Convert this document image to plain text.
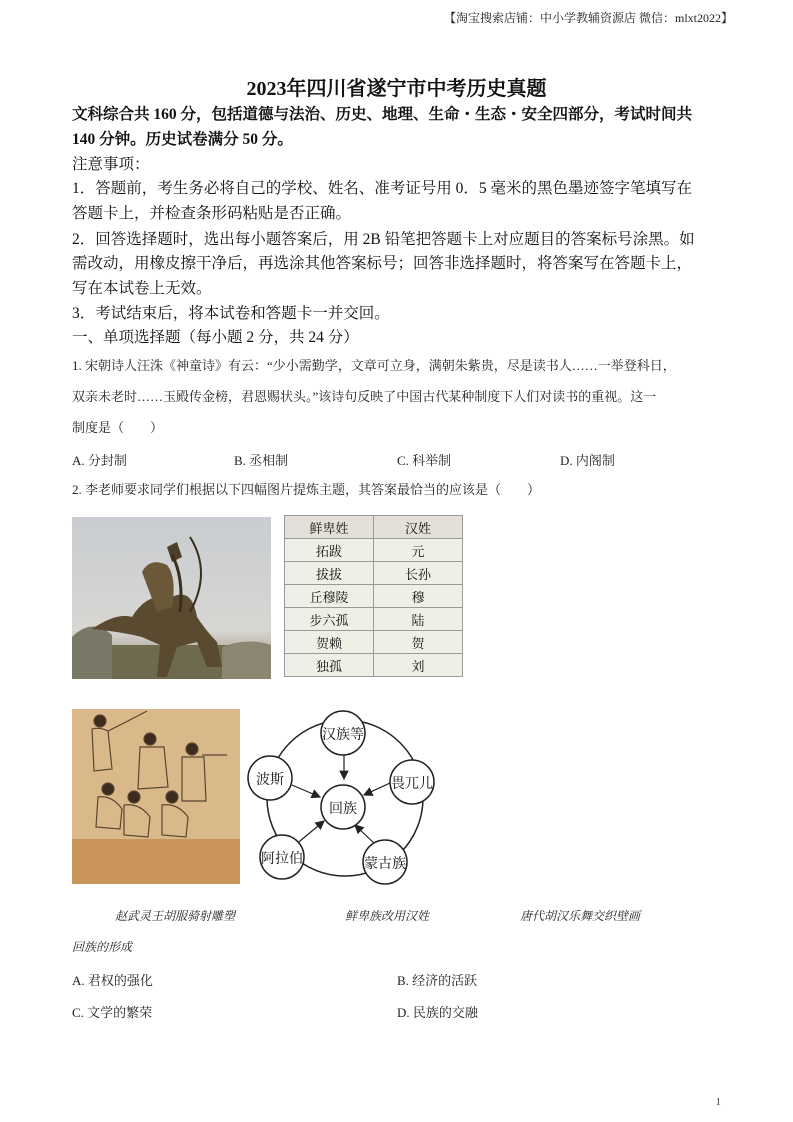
【淘宝搜索店铺：中小学教辅资源店 微信：mlxt2022】
2023年四川省遂宁市中考历史真题
文科综合共 160 分，包括道德与法治、历史、地理、生命・生态・安全四部分，考试时间共
140 分钟。历史试卷满分 50 分。
注意事项：
1．答题前，考生务必将自己的学校、姓名、准考证号用 0．5 毫米的黑色墨迹签字笔填写在
答题卡上，并检查条形码粘贴是否正确。
2．回答选择题时，选出每小题答案后，用 2B 铅笔把答题卡上对应题目的答案标号涂黑。如
需改动，用橡皮擦干净后，再选涂其他答案标号；回答非选择题时，将答案写在答题卡上，
写在本试卷上无效。
3．考试结束后，将本试卷和答题卡一并交回。
一、单项选择题（每小题 2 分，共 24 分）
1. 宋朝诗人汪洙《神童诗》有云：“少小需勤学，文章可立身，满朝朱紫贵，尽是读书人……一举登科日，
双亲未老时……玉殿传金榜，君恩赐状头。”该诗句反映了中国古代某种制度下人们对读书的重视。这一
制度是（　　）
A. 分封制	B. 丞相制	C. 科举制	D. 内阁制
2. 李老师要求同学们根据以下四幅图片提炼主题，其答案最恰当的应该是（　　）
鲜卑姓	汉姓
拓跋	元
拔拔	长孙
丘穆陵	穆
步六孤	陆
贺赖	贺
独孤	刘
汉族等
畏兀儿
蒙古族
阿拉伯
波斯
回族
赵武灵王胡服骑射雕塑	鲜卑族改用汉姓	唐代胡汉乐舞交织壁画
回族的形成
A. 君权的强化	B. 经济的活跃
C. 文学的繁荣	D. 民族的交融
1
